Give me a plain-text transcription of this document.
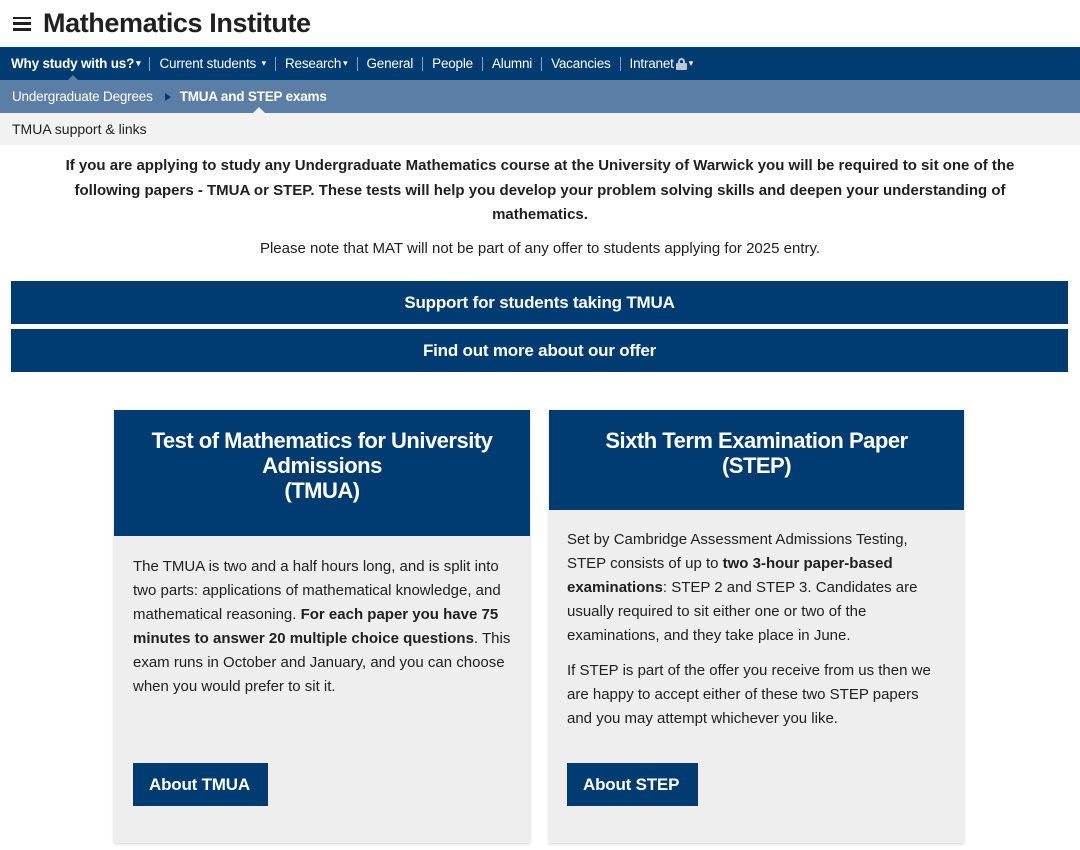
Mathematics Institute
Why study with us? ▾ Current students
▾ Research ▾ General People Alumni Vacancies Intranet ▾
Undergraduate Degrees TMUA and STEP exams
TMUA support & links

If you are applying to study any Undergraduate Mathematics course at the University of Warwick you will be required to sit one of the following papers - TMUA or STEP. These tests will help you develop your problem solving skills and deepen your understanding of mathematics.

Please note that MAT will not be part of any offer to students applying for 2025 entry.

Support for students taking TMUA
Find out more about our offer
Test of Mathematics for University Admissions
(TMUA)

The TMUA is two and a half hours long, and is split into two parts: applications of mathematical knowledge, and mathematical reasoning. For each paper you have 75 minutes to answer 20 multiple choice questions. This exam runs in October and January, and you can choose when you would prefer to sit it.

About TMUA
Sixth Term Examination Paper
(STEP)

Set by Cambridge Assessment Admissions Testing, STEP consists of up to two 3-hour paper-based examinations: STEP 2 and STEP 3. Candidates are usually required to sit either one or two of the examinations, and they take place in June.

If STEP is part of the offer you receive from us then we are happy to accept either of these two STEP papers and you may attempt whichever you like.

About STEP
